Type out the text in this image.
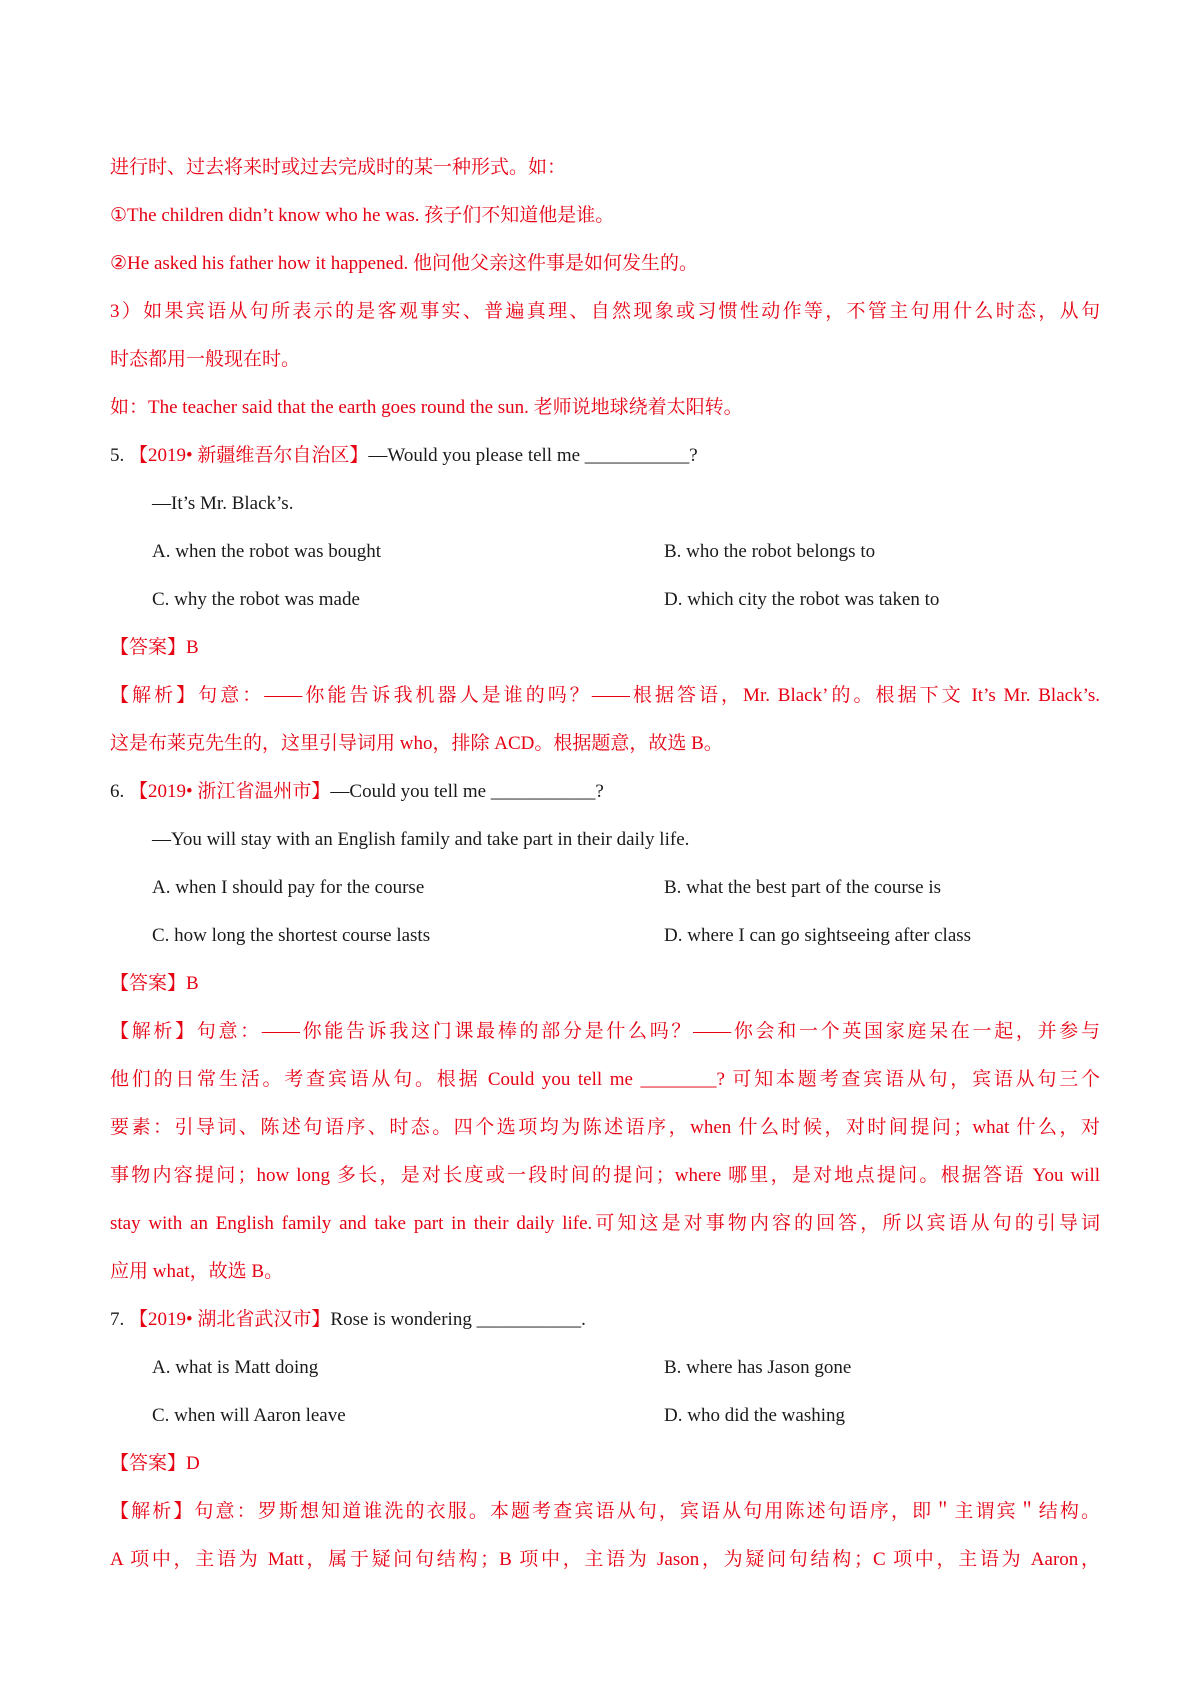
进行时、过去将来时或过去完成时的某一种形式。如：
①The children didn’t know who he was. 孩子们不知道他是谁。
②He asked his father how it happened. 他问他父亲这件事是如何发生的。
3）如果宾语从句所表示的是客观事实、普遍真理、自然现象或习惯性动作等，不管主句用什么时态，从句
时态都用一般现在时。
如：The teacher said that the earth goes round the sun. 老师说地球绕着太阳转。
5. 【2019• 新疆维吾尔自治区】—Would you please tell me ___________?
—It’s Mr. Black’s.
A. when the robot was bought	B. who the robot belongs to
C. why the robot was made	D. which city the robot was taken to
【答案】B
【解析】句意：——你能告诉我机器人是谁的吗？——根据答语，Mr. Black’的。根据下文 It’s Mr. Black’s.
这是布莱克先生的，这里引导词用 who，排除 ACD。根据题意，故选 B。
6. 【2019• 浙江省温州市】—Could you tell me ___________?
—You will stay with an English family and take part in their daily life.
A. when I should pay for the course	B. what the best part of the course is
C. how long the shortest course lasts	D. where I can go sightseeing after class
【答案】B
【解析】句意：——你能告诉我这门课最棒的部分是什么吗？——你会和一个英国家庭呆在一起，并参与
他们的日常生活。考查宾语从句。根据 Could you tell me ________? 可知本题考查宾语从句，宾语从句三个
要素：引导词、陈述句语序、时态。四个选项均为陈述语序，when 什么时候，对时间提问；what 什么，对
事物内容提问；how long 多长，是对长度或一段时间的提问；where 哪里，是对地点提问。根据答语 You will
stay with an English family and take part in their daily life.可知这是对事物内容的回答，所以宾语从句的引导词
应用 what，故选 B。
7. 【2019• 湖北省武汉市】Rose is wondering ___________.
A. what is Matt doing	B. where has Jason gone
C. when will Aaron leave	D. who did the washing
【答案】D
【解析】句意：罗斯想知道谁洗的衣服。本题考查宾语从句，宾语从句用陈述句语序，即＂主谓宾＂结构。
A 项中，主语为 Matt，属于疑问句结构；B 项中，主语为 Jason，为疑问句结构；C 项中，主语为 Aaron，
